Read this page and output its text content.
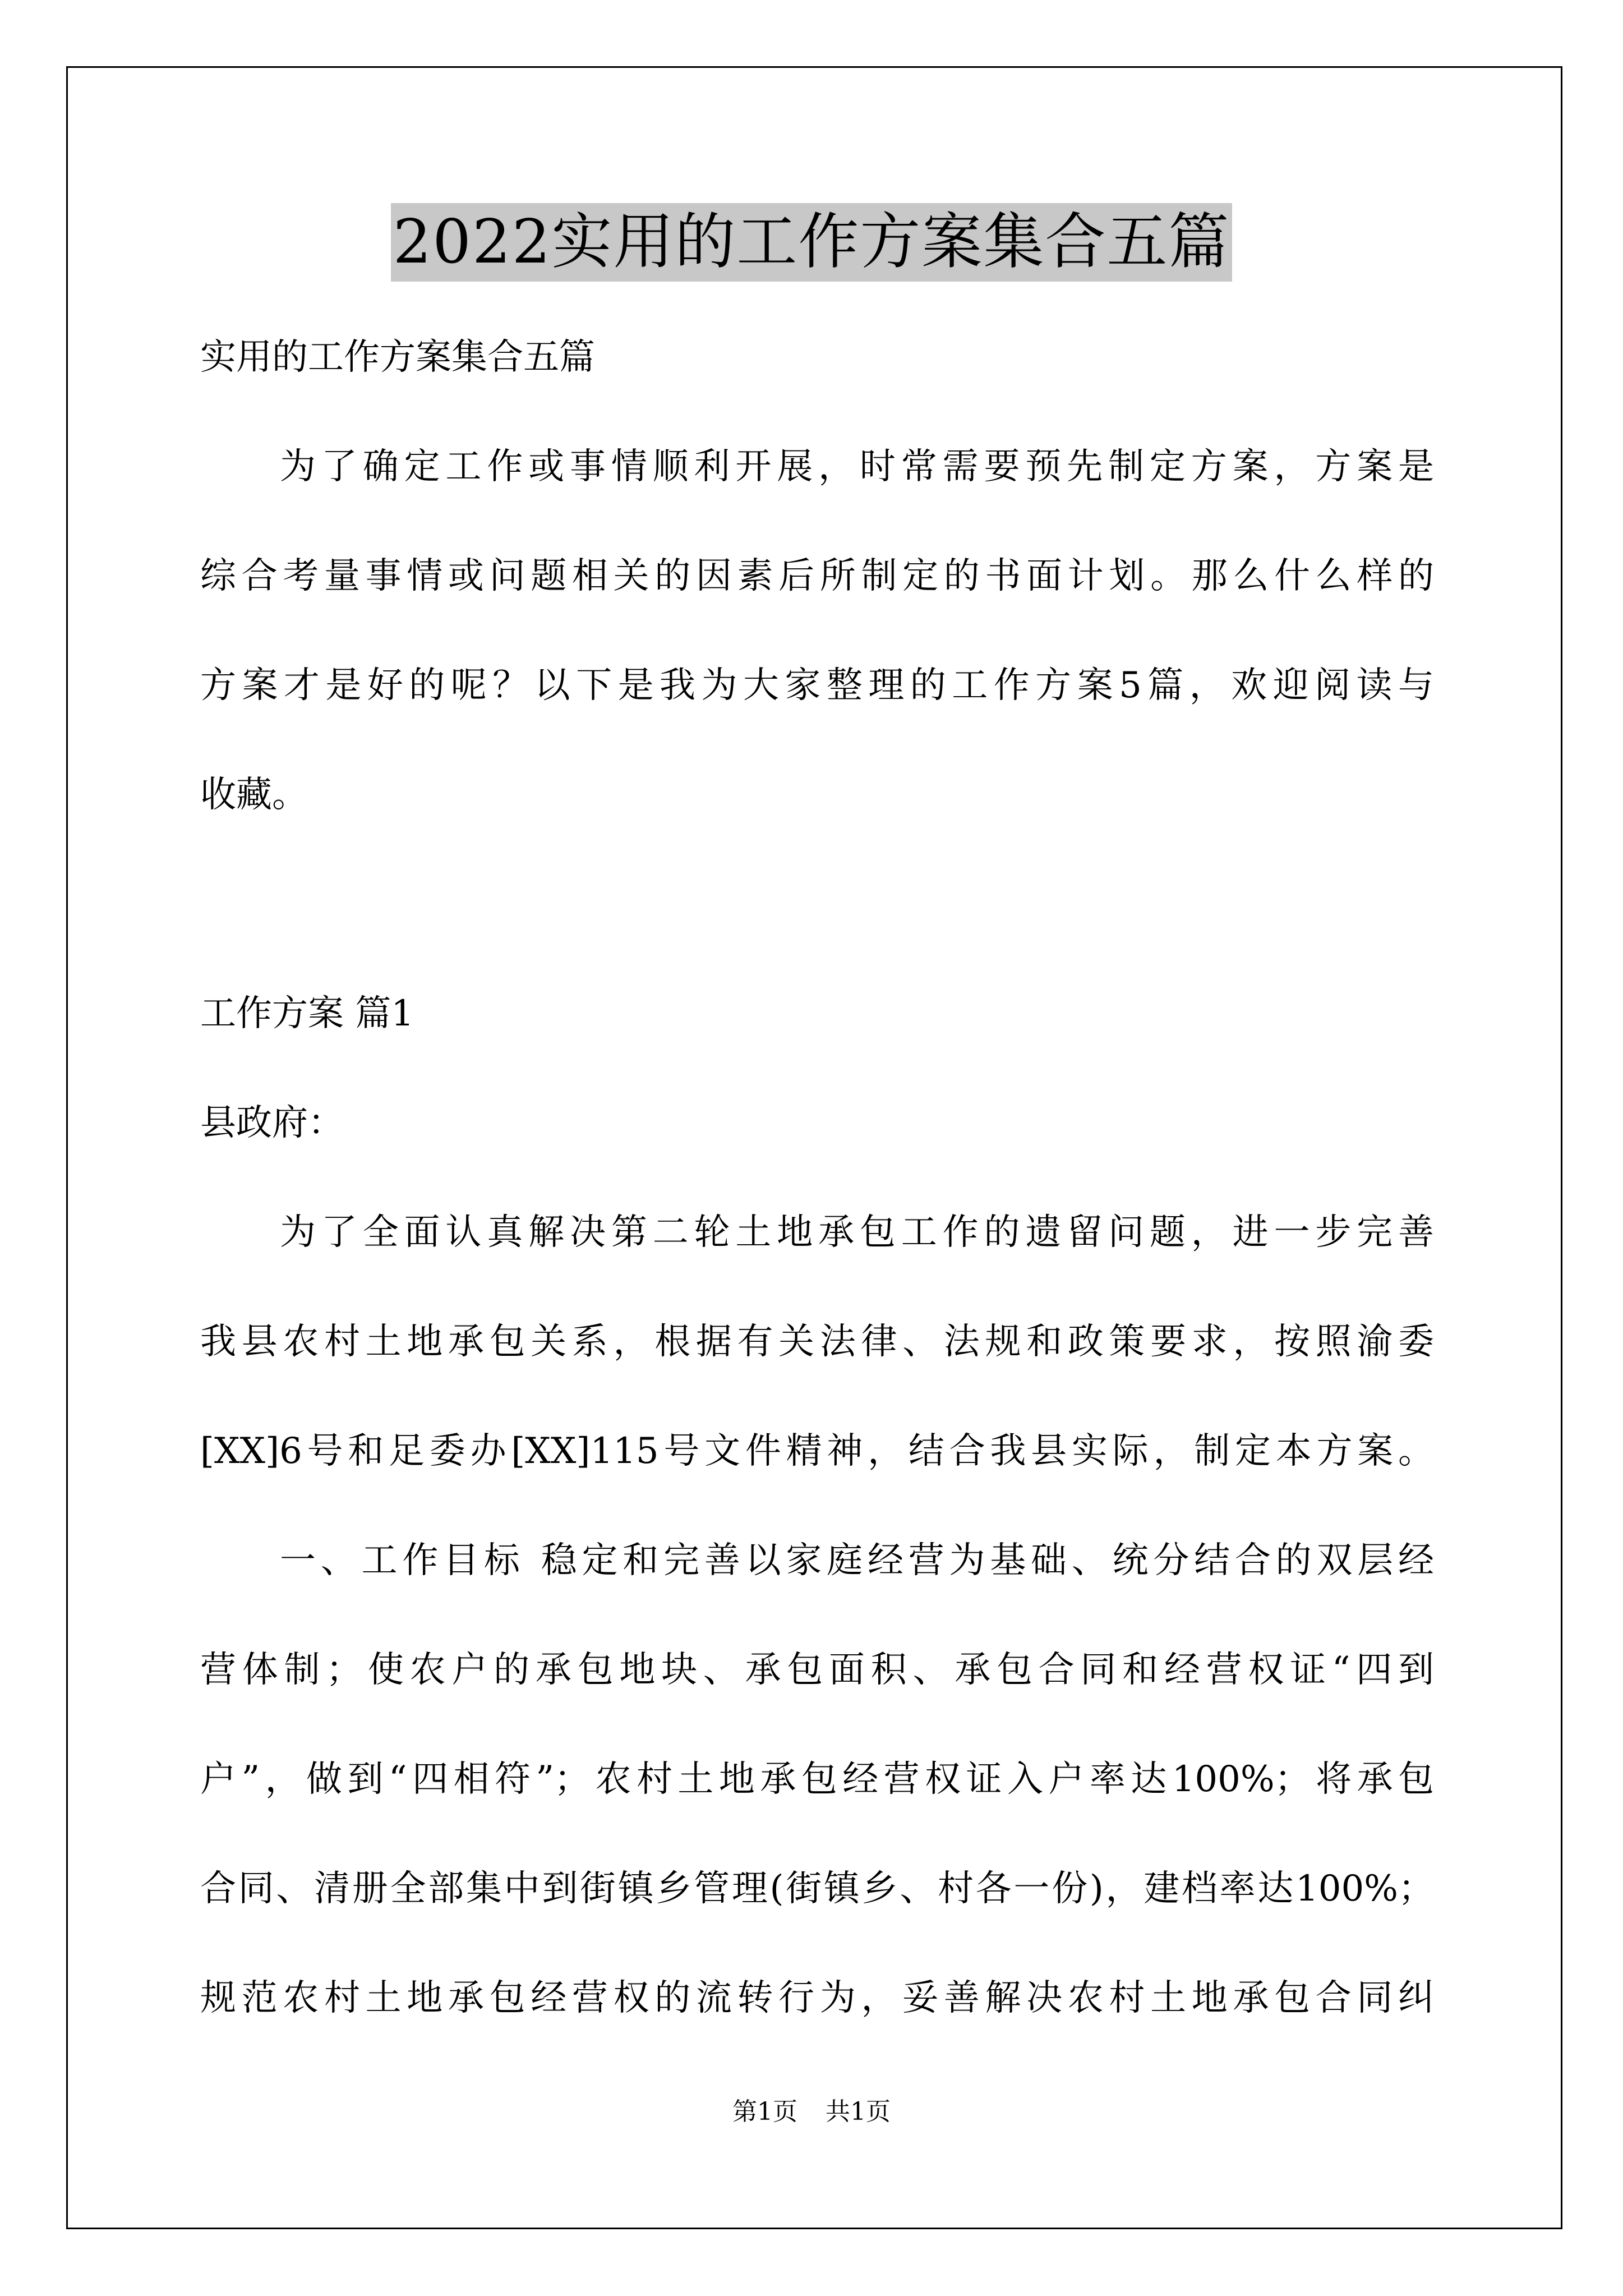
2022实用的工作方案集合五篇
实用的工作方案集合五篇
为了确定工作或事情顺利开展，时常需要预先制定方案，方案是
综合考量事情或问题相关的因素后所制定的书面计划。那么什么样的
方案才是好的呢？以下是我为大家整理的工作方案5篇，欢迎阅读与
收藏。
工作方案 篇1
县政府：
为了全面认真解决第二轮土地承包工作的遗留问题，进一步完善
我县农村土地承包关系，根据有关法律、法规和政策要求，按照渝委
[XX]6号和足委办[XX]115号文件精神，结合我县实际，制定本方案。
一、工作目标 稳定和完善以家庭经营为基础、统分结合的双层经
营体制；使农户的承包地块、承包面积、承包合同和经营权证“四到
户”，做到“四相符”；农村土地承包经营权证入户率达100%；将承包
合同、清册全部集中到街镇乡管理(街镇乡、村各一份)，建档率达100%；
规范农村土地承包经营权的流转行为，妥善解决农村土地承包合同纠
第1页 共1页
